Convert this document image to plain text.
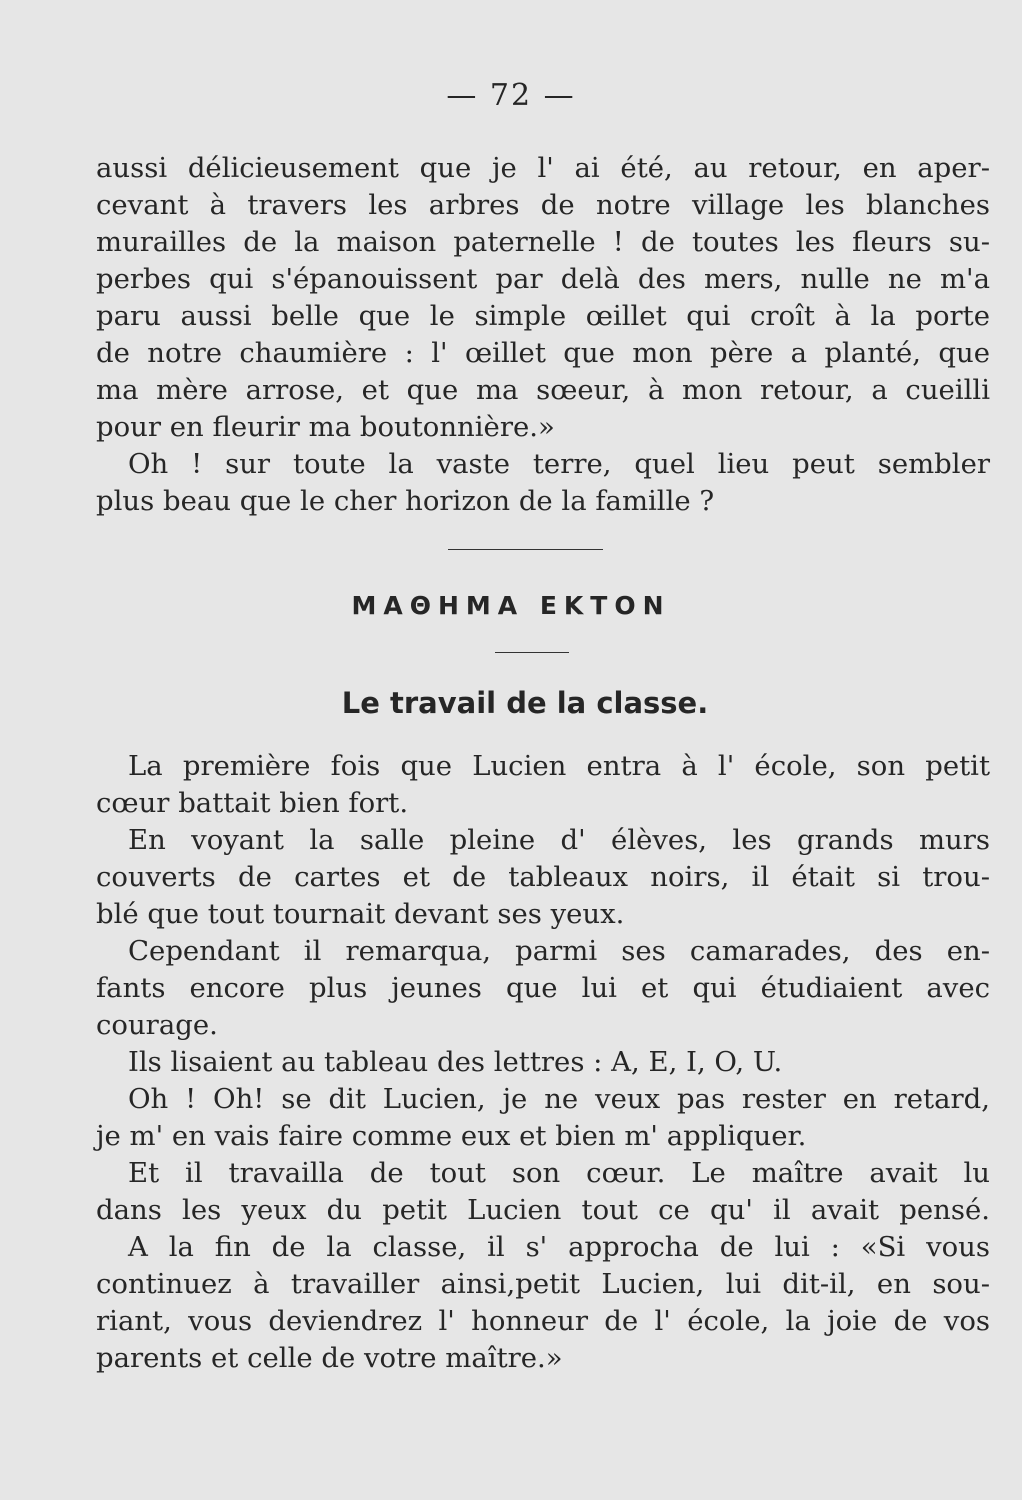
— 72 —
aussi délicieusement que je l' ai été, au retour, en aper-
cevant à travers les arbres de notre village les blanches
murailles de la maison paternelle ! de toutes les fleurs su-
perbes qui s'épanouissent par delà des mers, nulle ne m'a
paru aussi belle que le simple œillet qui croît à la porte
de notre chaumière : l' œillet que mon père a planté, que
ma mère arrose, et que ma sœeur, à mon retour, a cueilli
pour en fleurir ma boutonnière.»
Oh ! sur toute la vaste terre, quel lieu peut sembler
plus beau que le cher horizon de la famille ?
ΜΑΘΗΜΑ ΕΚΤΟΝ
Le travail de la classe.
La première fois que Lucien entra à l' école, son petit
cœur battait bien fort.
En voyant la salle pleine d' élèves, les grands murs
couverts de cartes et de tableaux noirs, il était si trou-
blé que tout tournait devant ses yeux.
Cependant il remarqua, parmi ses camarades, des en-
fants encore plus jeunes que lui et qui étudiaient avec
courage.
Ils lisaient au tableau des lettres : A, E, I, O, U.
Oh ! Oh! se dit Lucien, je ne veux pas rester en retard,
je m' en vais faire comme eux et bien m' appliquer.
Et il travailla de tout son cœur. Le maître avait lu
dans les yeux du petit Lucien tout ce qu' il avait pensé.
A la fin de la classe, il s' approcha de lui : «Si vous
continuez à travailler ainsi,petit Lucien, lui dit-il, en sou-
riant, vous deviendrez l' honneur de l' école, la joie de vos
parents et celle de votre maître.»
